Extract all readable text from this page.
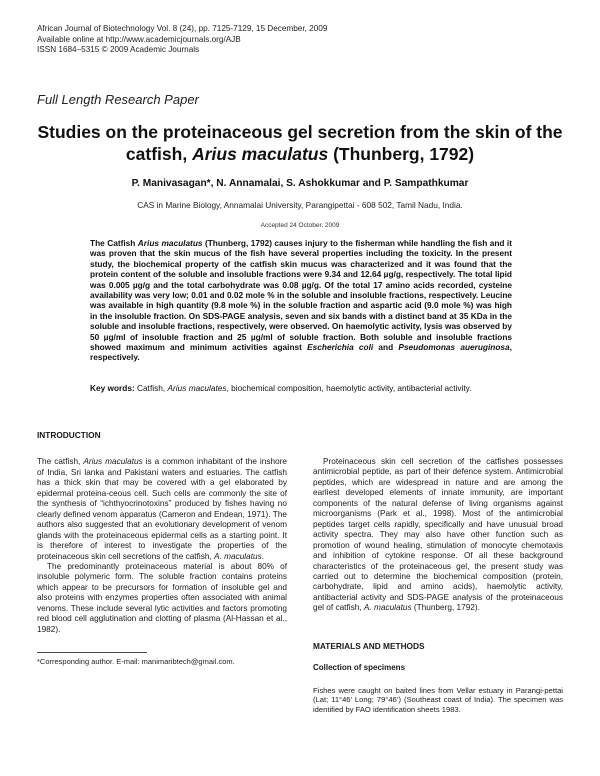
African Journal of Biotechnology Vol. 8 (24), pp. 7125-7129, 15 December, 2009
Available online at http://www.academicjournals.org/AJB
ISSN 1684–5315 © 2009 Academic Journals
Full Length Research Paper
Studies on the proteinaceous gel secretion from the skin of the catfish, Arius maculatus (Thunberg, 1792)
P. Manivasagan*, N. Annamalai, S. Ashokkumar and P. Sampathkumar
CAS in Marine Biology, Annamalai University, Parangipettai - 608 502, Tamil Nadu, India.
Accepted 24 October, 2009
The Catfish Arius maculatus (Thunberg, 1792) causes injury to the fisherman while handling the fish and it was proven that the skin mucus of the fish have several properties including the toxicity. In the present study, the biochemical property of the catfish skin mucus was characterized and it was found that the protein content of the soluble and insoluble fractions were 9.34 and 12.64 µg/g, respectively. The total lipid was 0.005 µg/g and the total carbohydrate was 0.08 µg/g. Of the total 17 amino acids recorded, cysteine availability was very low; 0.01 and 0.02 mole % in the soluble and insoluble fractions, respectively. Leucine was available in high quantity (9.8 mole %) in the soluble fraction and aspartic acid (9.0 mole %) was high in the insoluble fraction. On SDS-PAGE analysis, seven and six bands with a distinct band at 35 KDa in the soluble and insoluble fractions, respectively, were observed. On haemolytic activity, lysis was observed by 50 µg/ml of insoluble fraction and 25 µg/ml of soluble fraction. Both soluble and insoluble fractions showed maximum and minimum activities against Escherichia coli and Pseudomonas aueruginosa, respectively.
Key words: Catfish, Arius maculates, biochemical composition, haemolytic activity, antibacterial activity.
INTRODUCTION

The catfish, Arius maculatus is a common inhabitant of the inshore of India, Sri lanka and Pakistani waters and estuaries. The catfish has a thick skin that may be covered with a gel elaborated by epidermal proteina-ceous cell. Such cells are commonly the site of the synthesis of “ichthyocrinotoxins” produced by fishes having no clearly defined venom apparatus (Cameron and Endean, 1971). The authors also suggested that an evolutionary development of venom glands with the proteinaceous epidermal cells as a starting point. It is therefore of interest to investigate the properties of the proteinaceous skin cell secretions of the catfish, A. maculatus.

The predominantly proteinaceous material is about 80% of insoluble polymeric form. The soluble fraction contains proteins which appear to be precursors for formation of insoluble gel and also proteins with enzymes properties often associated with animal venoms. These include several lytic activities and factors promoting red blood cell agglutination and clotting of plasma (Al-Hassan et al., 1982).

Proteinaceous skin cell secretion of the catfishes possesses antimicrobial peptide, as part of their defence system. Antimicrobial peptides, which are widespread in nature and are among the earliest developed elements of innate immunity, are important components of the natural defense of living organisms against microorganisms (Park et al., 1998). Most of the antimicrobial peptides target cells rapidly, specifically and have unusual broad activity spectra. They may also have other function such as promotion of wound healing, stimulation of monocyte chemotaxis and inhibition of cytokine response. Of all these background characteristics of the proteinaceous gel, the present study was carried out to determine the biochemical composition (protein, carbohydrate, lipid and amino acids), haemolytic activity, antibacterial activity and SDS-PAGE analysis of the proteinaceous gel of catfish, A. maculatus (Thunberg, 1792).

MATERIALS AND METHODS
Collection of specimens

Fishes were caught on baited lines from Vellar estuary in Parangi-pettai (Lat; 11°46’ Long; 79°46’) (Southeast coast of India). The specimen was identified by FAO identification sheets 1983.

*Corresponding author. E-mail: manimaribtech@gmail.com.
